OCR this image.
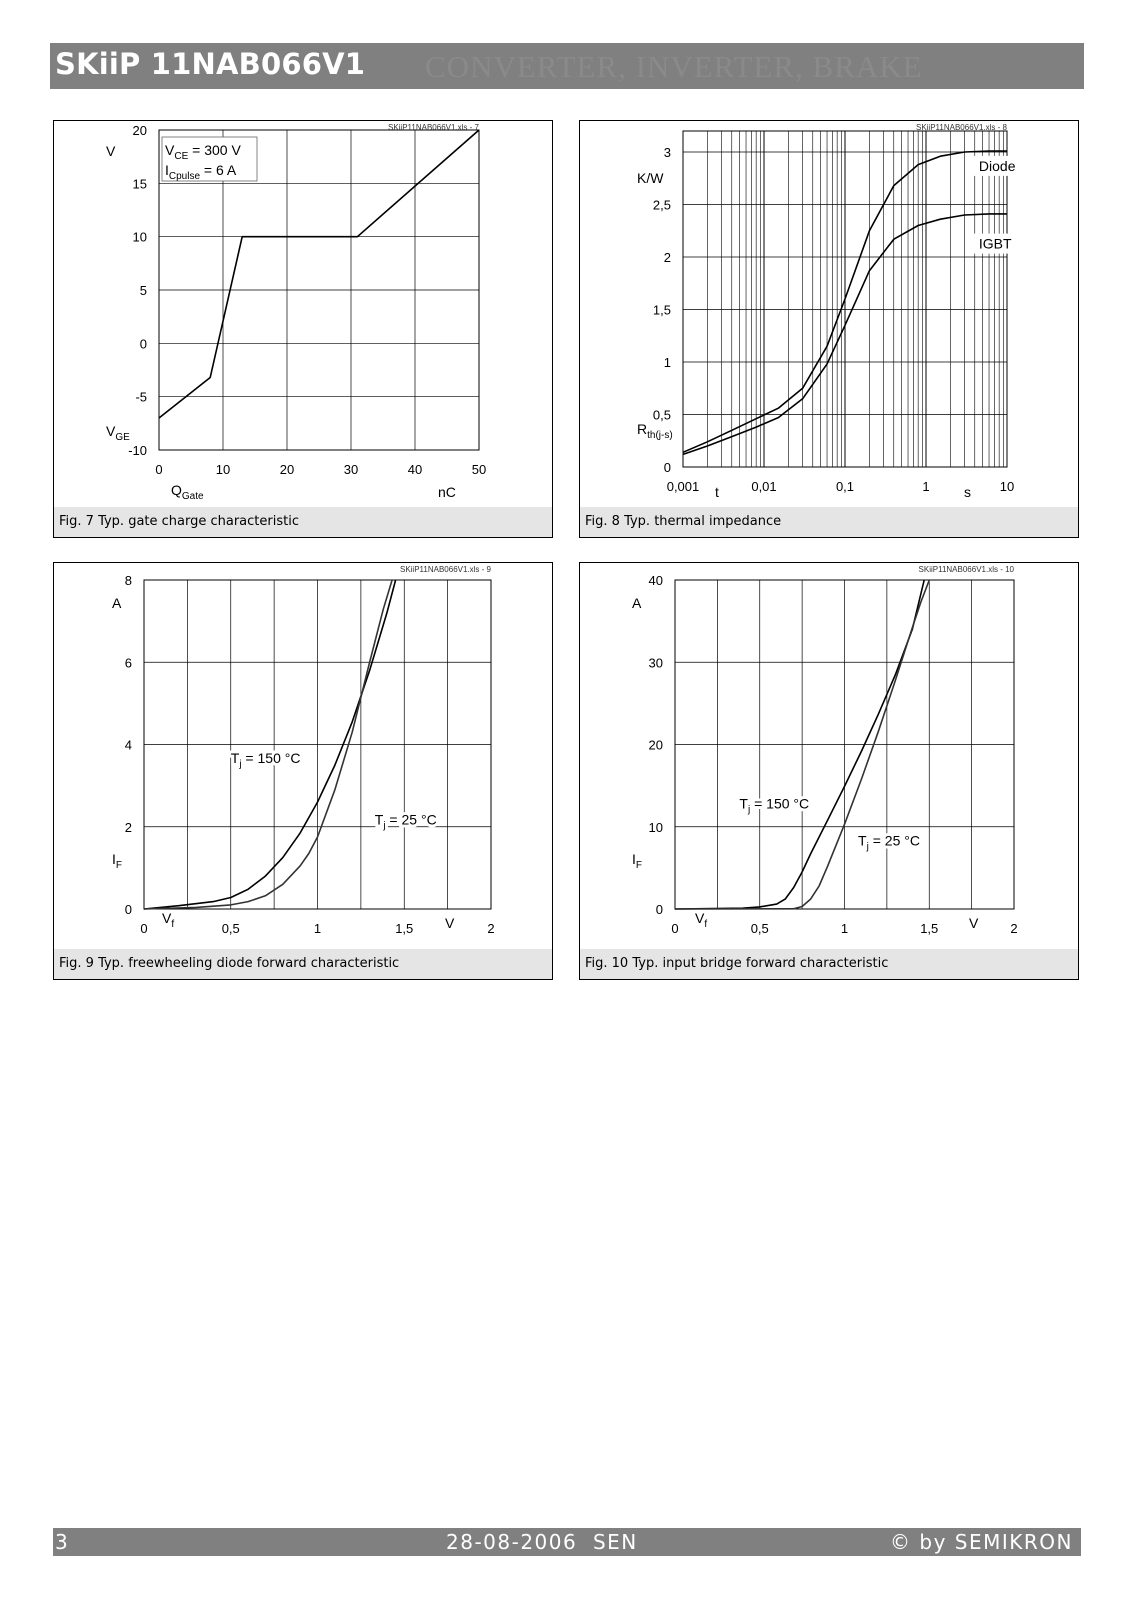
SKiiP 11NAB066V1 CONVERTER, INVERTER, BRAKE
-10
-5
0
5
10
15
20
0	10	20	30	40	50
SKiiP11NAB066V1.xls - 7
V
$V_{GE}$
$Q_{Gate}$	nC
$V_{CE} = 300$ V
$I_{Cpulse} = 6$ A
Fig. 7 Typ. gate charge characteristic
0
0,5
1
1,5
2
2,5
3
0,001	0,01	0,1	1	10
SKiiP11NAB066V1.xls - 8
K/W
$R_{th(j-s)}$
t	s
Diode
IGBT
Fig. 8 Typ. thermal impedance
0
2
4
6
8
0	0,5	1	1,5	2
SKiiP11NAB066V1.xls - 9
A
$I_F$
$V_f$	V
$T_j = 150$ °C
$T_j = 25$ °C
Fig. 9 Typ. freewheeling diode forward characteristic
0
10
20
30
40
0	0,5	1	1,5	2
SKiiP11NAB066V1.xls - 10
A
$I_F$
$V_f$	V
$T_j = 150$ °C
$T_j = 25$ °C
Fig. 10 Typ. input bridge forward characteristic
3	28-08-2006  SEN	© by SEMIKRON
